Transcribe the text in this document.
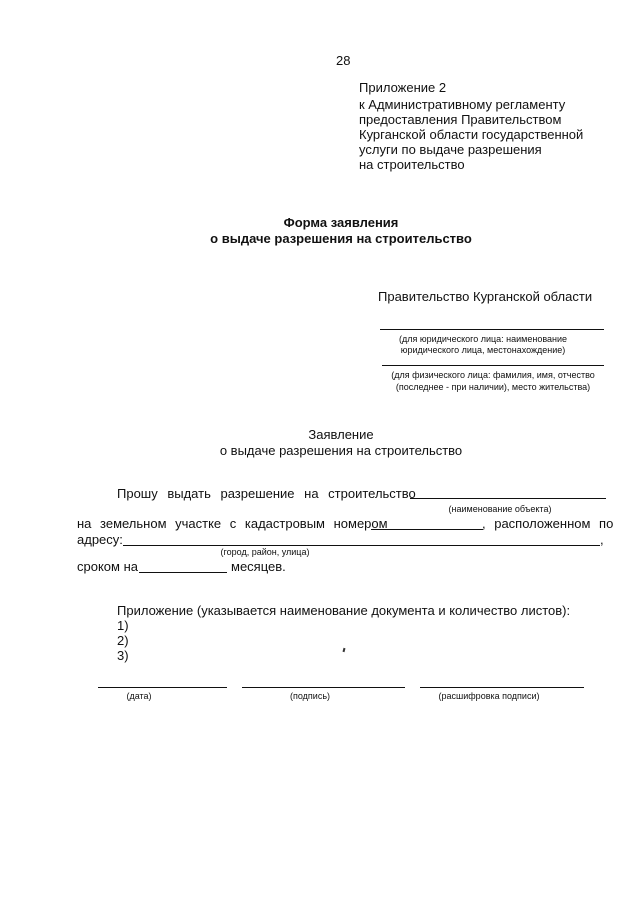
28
Приложение 2
к Административному регламенту
предоставления Правительством
Курганской области государственной
услуги по выдаче разрешения
на строительство
Форма заявления
о выдаче разрешения на строительство
Правительство Курганской области
(для юридического лица: наименование
юридического лица, местонахождение)
(для физического лица: фамилия, имя, отчество
(последнее - при наличии), место жительства)
Заявление
о выдаче разрешения на строительство
Прошу выдать разрешение на строительство
(наименование объекта)
на земельном участке с кадастровым номером	, расположенном по
адресу:	,
(город, район, улица)
сроком на	месяцев.
Приложение (указывается наименование документа и количество листов):
1)
2)
3)
(дата)	(подпись)	(расшифровка подписи)
